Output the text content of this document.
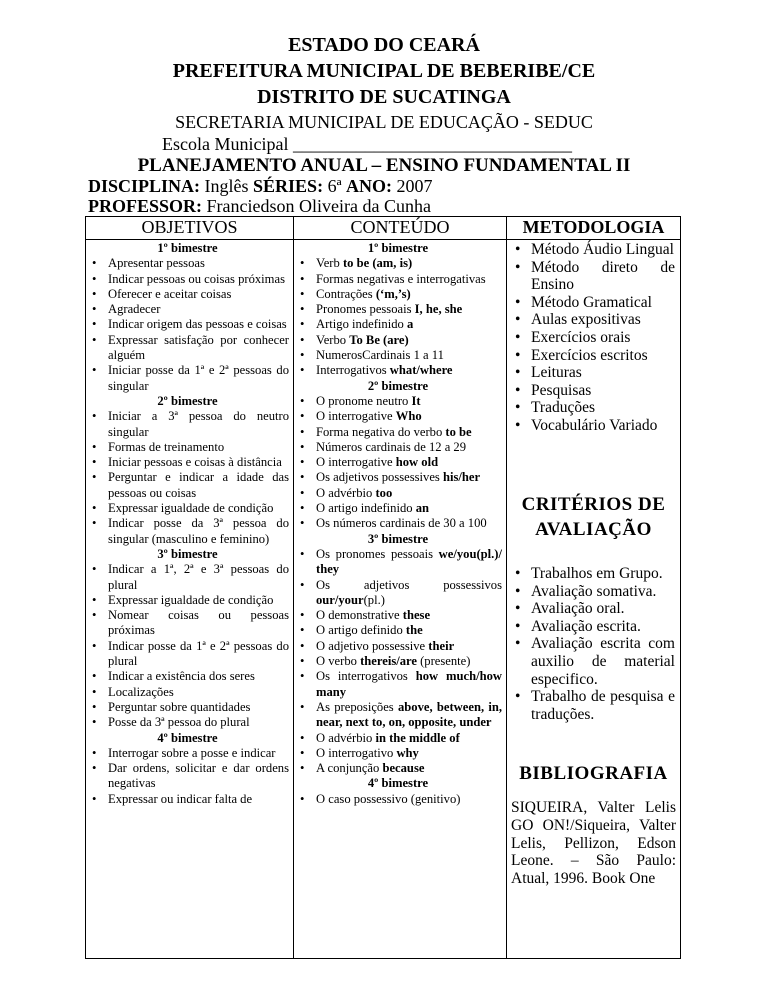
ESTADO DO CEARÁ
PREFEITURA MUNICIPAL DE BEBERIBE/CE
DISTRITO DE SUCATINGA
SECRETARIA MUNICIPAL DE EDUCAÇÃO - SEDUC
Escola Municipal _______________________________
PLANEJAMENTO ANUAL – ENSINO FUNDAMENTAL II
DISCIPLINA: Inglês SÉRIES: 6ª ANO: 2007
PROFESSOR: Franciedson Oliveira da Cunha
OBJETIVOS
1º bimestre
• Apresentar pessoas
• Indicar pessoas ou coisas próximas
• Oferecer e aceitar coisas
• Agradecer
• Indicar origem das pessoas e coisas
• Expressar satisfação por conhecer alguém
• Iniciar posse da 1ª e 2ª pessoas do singular
2º bimestre
• Iniciar a 3ª pessoa do neutro singular
• Formas de treinamento
• Iniciar pessoas e coisas à distância
• Perguntar e indicar a idade das pessoas ou coisas
• Expressar igualdade de condição
• Indicar posse da 3ª pessoa do singular (masculino e feminino)
3º bimestre
• Indicar a 1ª, 2ª e 3ª pessoas do plural
• Expressar igualdade de condição
• Nomear coisas ou pessoas próximas
• Indicar posse da 1ª e 2ª pessoas do plural
• Indicar a existência dos seres
• Localizações
• Perguntar sobre quantidades
• Posse da 3ª pessoa do plural
4º bimestre
• Interrogar sobre a posse e indicar
• Dar ordens, solicitar e dar ordens negativas
• Expressar ou indicar falta de
CONTEÚDO
1º bimestre
• Verb to be (am, is)
• Formas negativas e interrogativas
• Contrações (‘m,’s)
• Pronomes pessoais I, he, she
• Artigo indefinido a
• Verbo To Be (are)
• NumerosCardinais 1 a 11
• Interrogativos what/where
2º bimestre
• O pronome neutro It
• O interrogative Who
• Forma negativa do verbo to be
• Números cardinais de 12 a 29
• O interrogative how old
• Os adjetivos possessives his/her
• O advérbio too
• O artigo indefinido an
• Os números cardinais de 30 a 100
3º bimestre
• Os pronomes pessoais we/you(pl.)/ they
• Os adjetivos possessivos our/your(pl.)
• O demonstrative these
• O artigo definido the
• O adjetivo possessive their
• O verbo thereis/are (presente)
• Os interrogativos how much/how many
• As preposições above, between, in, near, next to, on, opposite, under
• O advérbio in the middle of
• O interrogativo why
• A conjunção because
4º bimestre
• O caso possessivo (genitivo)
METODOLOGIA
• Método Áudio Lingual
• Método direto de Ensino
• Método Gramatical
• Aulas expositivas
• Exercícios orais
• Exercícios escritos
• Leituras
• Pesquisas
• Traduções
• Vocabulário Variado
CRITÉRIOS DE
AVALIAÇÃO
• Trabalhos em Grupo.
• Avaliação somativa.
• Avaliação oral.
• Avaliação escrita.
• Avaliação escrita com auxilio de material especifico.
• Trabalho de pesquisa e traduções.
BIBLIOGRAFIA
SIQUEIRA, Valter Lelis GO ON!/Siqueira, Valter Lelis, Pellizon, Edson Leone. – São Paulo: Atual, 1996. Book One
